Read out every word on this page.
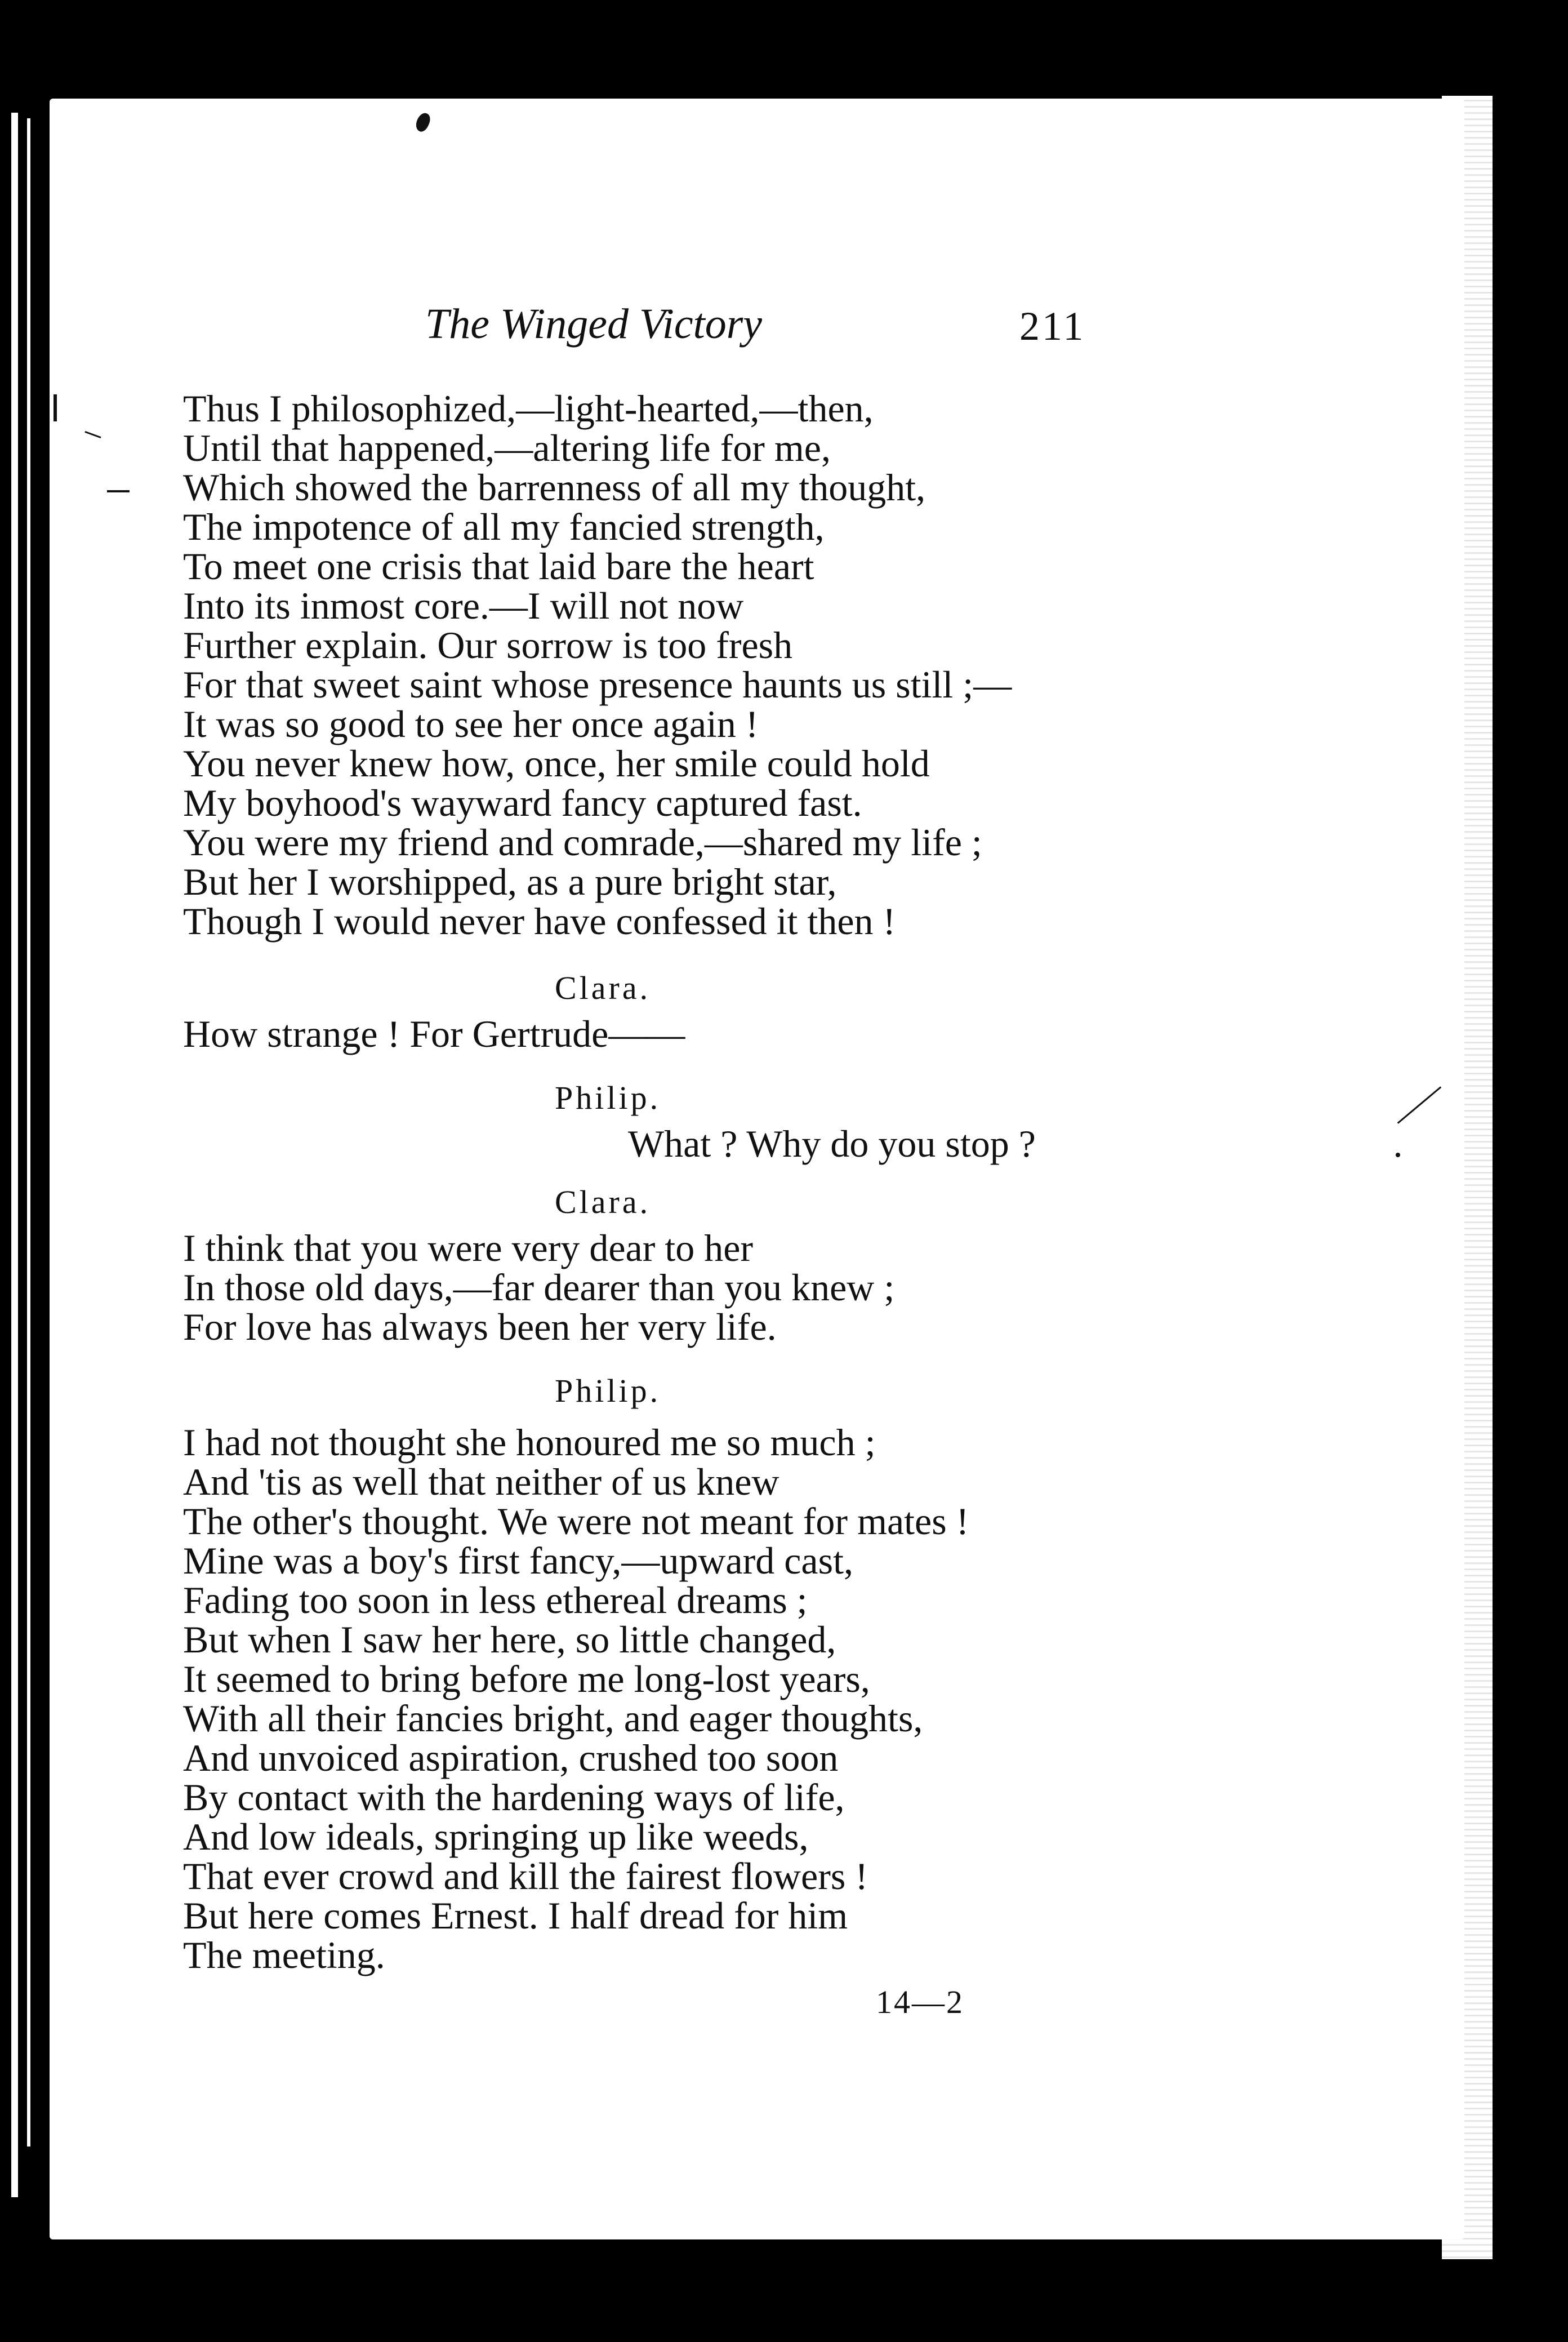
The Winged Victory	211
Thus I philosophized,—light-hearted,—then,
Until that happened,—altering life for me,
Which showed the barrenness of all my thought,
The impotence of all my fancied strength,
To meet one crisis that laid bare the heart
Into its inmost core.—I will not now
Further explain. Our sorrow is too fresh
For that sweet saint whose presence haunts us still ;—
It was so good to see her once again !
You never knew how, once, her smile could hold
My boyhood's wayward fancy captured fast.
You were my friend and comrade,—shared my life ;
But her I worshipped, as a pure bright star,
Though I would never have confessed it then !
Clara.
How strange ! For Gertrude——
Philip.
What ? Why do you stop ?
Clara.
I think that you were very dear to her
In those old days,—far dearer than you knew ;
For love has always been her very life.
Philip.
I had not thought she honoured me so much ;
And 'tis as well that neither of us knew
The other's thought. We were not meant for mates !
Mine was a boy's first fancy,—upward cast,
Fading too soon in less ethereal dreams ;
But when I saw her here, so little changed,
It seemed to bring before me long-lost years,
With all their fancies bright, and eager thoughts,
And unvoiced aspiration, crushed too soon
By contact with the hardening ways of life,
And low ideals, springing up like weeds,
That ever crowd and kill the fairest flowers !
But here comes Ernest. I half dread for him
The meeting.
14—2
